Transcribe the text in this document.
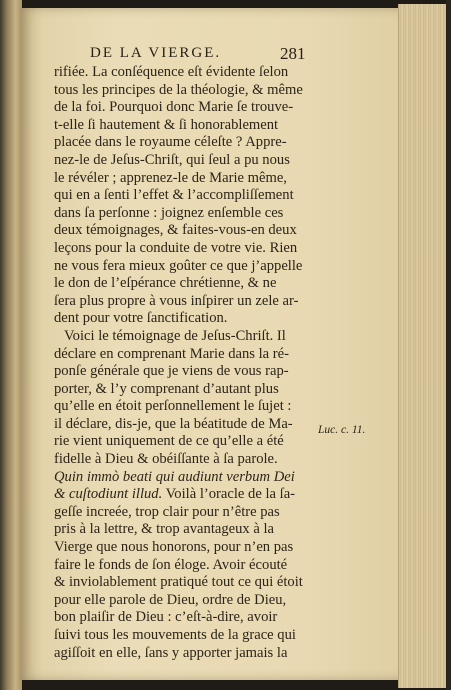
DE LA VIERGE.	281
rifiée. La conſéquence eſt évidente ſelon
tous les principes de la théologie, & même
de la foi. Pourquoi donc Marie ſe trouve-
t-elle ſi hautement & ſi honorablement
placée dans le royaume céleſte ? Appre-
nez-le de Jeſus-Chriſt, qui ſeul a pu nous
le révéler ; apprenez-le de Marie même,
qui en a ſenti l’effet & l’accompliſſement
dans ſa perſonne : joignez enſemble ces
deux témoignages, & faites-vous-en deux
leçons pour la conduite de votre vie. Rien
ne vous fera mieux goûter ce que j’appelle
le don de l’eſpérance chrétienne, & ne
ſera plus propre à vous inſpirer un zele ar-
dent pour votre ſanctification.
Voici le témoignage de Jeſus-Chriſt. Il
déclare en comprenant Marie dans la ré-
ponſe générale que je viens de vous rap-
porter, & l’y comprenant d’autant plus
qu’elle en étoit perſonnellement le ſujet :
il déclare, dis-je, que la béatitude de Ma-
rie vient uniquement de ce qu’elle a été
fidelle à Dieu & obéiſſante à ſa parole.
Quin immò beati qui audiunt verbum Dei
& cuſtodiunt illud. Voilà l’oracle de la ſa-
geſſe increée, trop clair pour n’être pas
pris à la lettre, & trop avantageux à la
Vierge que nous honorons, pour n’en pas
faire le fonds de ſon éloge. Avoir écouté
& inviolablement pratiqué tout ce qui étoit
pour elle parole de Dieu, ordre de Dieu,
bon plaiſir de Dieu : c’eſt-à-dire, avoir
ſuivi tous les mouvements de la grace qui
agiſſoit en elle, ſans y apporter jamais la
Luc. c. 11.
